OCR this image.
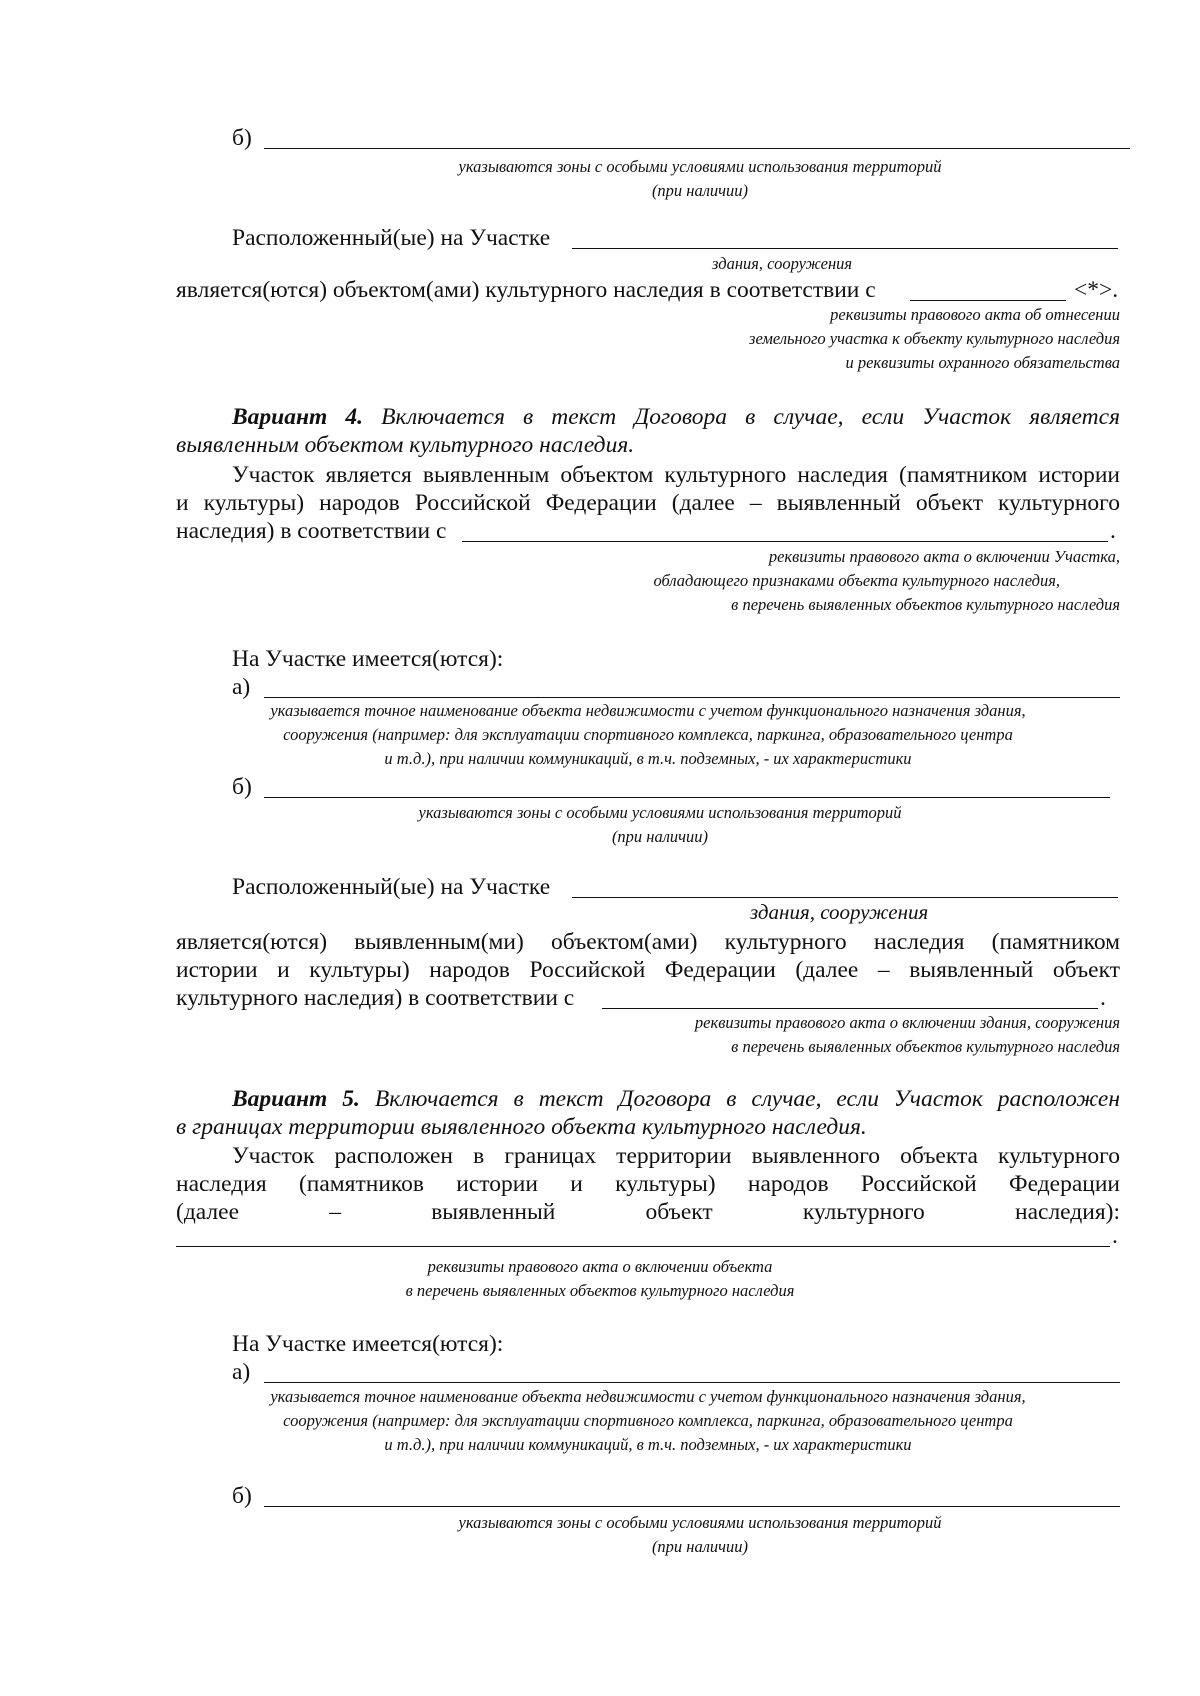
б)
указываются зоны с особыми условиями использования территорий
(при наличии)
Расположенный(ые) на Участке
здания, сооружения
является(ются) объектом(ами) культурного наследия в соответствии с	<*>.
реквизиты правового акта об отнесении
земельного участка к объекту культурного наследия
и реквизиты охранного обязательства
Вариант 4. Включается в текст Договора в случае, если Участок является
выявленным объектом культурного наследия.
Участок является выявленным объектом культурного наследия (памятником истории
и культуры) народов Российской Федерации (далее – выявленный объект культурного
наследия) в соответствии с	.
реквизиты правового акта о включении Участка,
обладающего признаками объекта культурного наследия,
в перечень выявленных объектов культурного наследия
На Участке имеется(ются):
а)
указывается точное наименование объекта недвижимости с учетом функционального назначения здания,
сооружения (например: для эксплуатации спортивного комплекса, паркинга, образовательного центра
и т.д.), при наличии коммуникаций, в т.ч. подземных, - их характеристики
б)
указываются зоны с особыми условиями использования территорий
(при наличии)
Расположенный(ые) на Участке
здания, сооружения
является(ются) выявленным(ми) объектом(ами) культурного наследия (памятником
истории и культуры) народов Российской Федерации (далее – выявленный объект
культурного наследия) в соответствии с	.
реквизиты правового акта о включении здания, сооружения
в перечень выявленных объектов культурного наследия
Вариант 5. Включается в текст Договора в случае, если Участок расположен
в границах территории выявленного объекта культурного наследия.
Участок расположен в границах территории выявленного объекта культурного
наследия (памятников истории и культуры) народов Российской Федерации
(далее – выявленный объект культурного наследия):
.
реквизиты правового акта о включении объекта
в перечень выявленных объектов культурного наследия
На Участке имеется(ются):
а)
указывается точное наименование объекта недвижимости с учетом функционального назначения здания,
сооружения (например: для эксплуатации спортивного комплекса, паркинга, образовательного центра
и т.д.), при наличии коммуникаций, в т.ч. подземных, - их характеристики
б)
указываются зоны с особыми условиями использования территорий
(при наличии)
